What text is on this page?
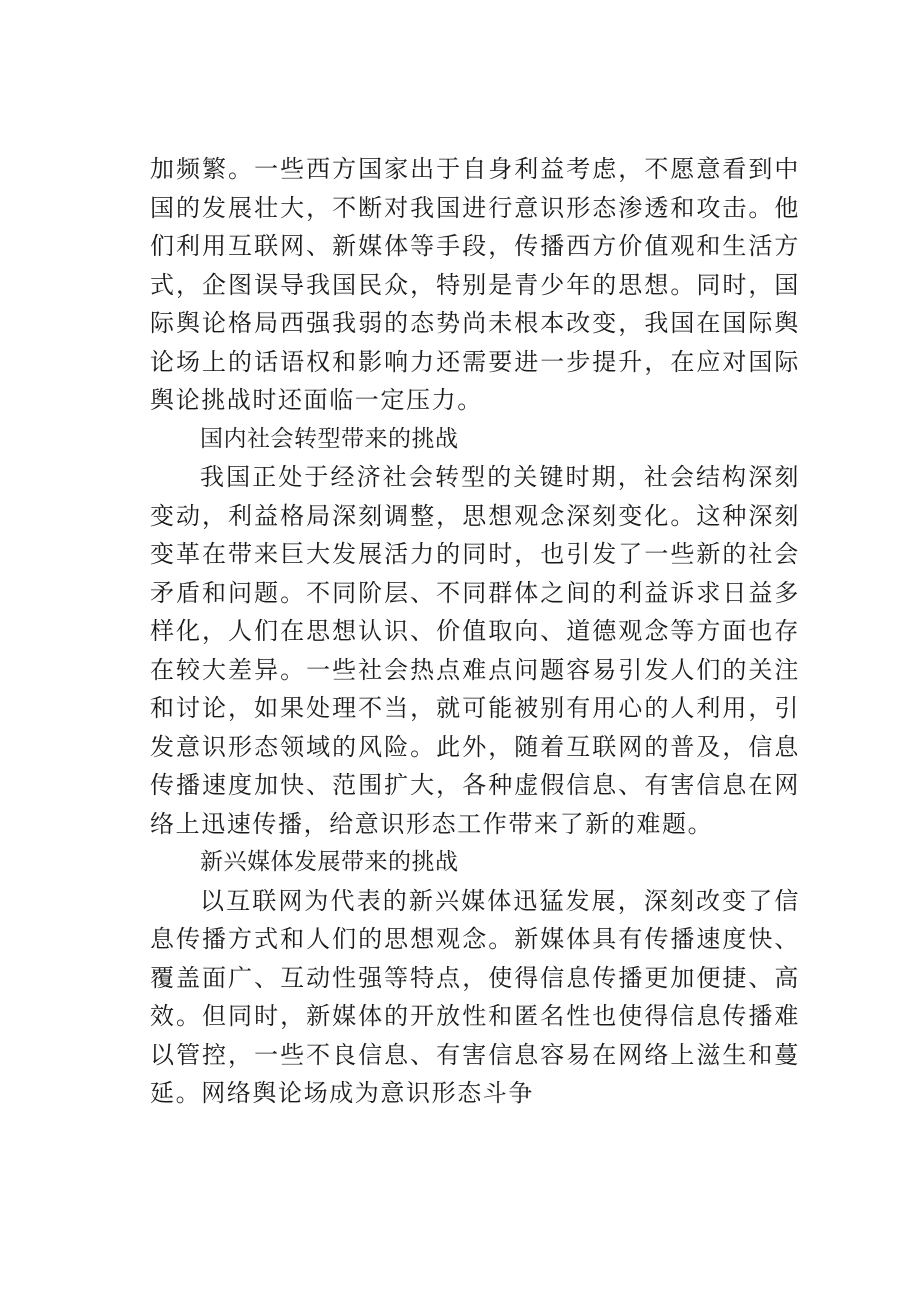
加频繁。一些西方国家出于自身利益考虑，不愿意看到中国的发展壮大，不断对我国进行意识形态渗透和攻击。他们利用互联网、新媒体等手段，传播西方价值观和生活方式，企图误导我国民众，特别是青少年的思想。同时，国际舆论格局西强我弱的态势尚未根本改变，我国在国际舆论场上的话语权和影响力还需要进一步提升，在应对国际舆论挑战时还面临一定压力。

国内社会转型带来的挑战

我国正处于经济社会转型的关键时期，社会结构深刻变动，利益格局深刻调整，思想观念深刻变化。这种深刻变革在带来巨大发展活力的同时，也引发了一些新的社会矛盾和问题。不同阶层、不同群体之间的利益诉求日益多样化，人们在思想认识、价值取向、道德观念等方面也存在较大差异。一些社会热点难点问题容易引发人们的关注和讨论，如果处理不当，就可能被别有用心的人利用，引发意识形态领域的风险。此外，随着互联网的普及，信息传播速度加快、范围扩大，各种虚假信息、有害信息在网络上迅速传播，给意识形态工作带来了新的难题。

新兴媒体发展带来的挑战

以互联网为代表的新兴媒体迅猛发展，深刻改变了信息传播方式和人们的思想观念。新媒体具有传播速度快、覆盖面广、互动性强等特点，使得信息传播更加便捷、高效。但同时，新媒体的开放性和匿名性也使得信息传播难以管控，一些不良信息、有害信息容易在网络上滋生和蔓延。网络舆论场成为意识形态斗争
